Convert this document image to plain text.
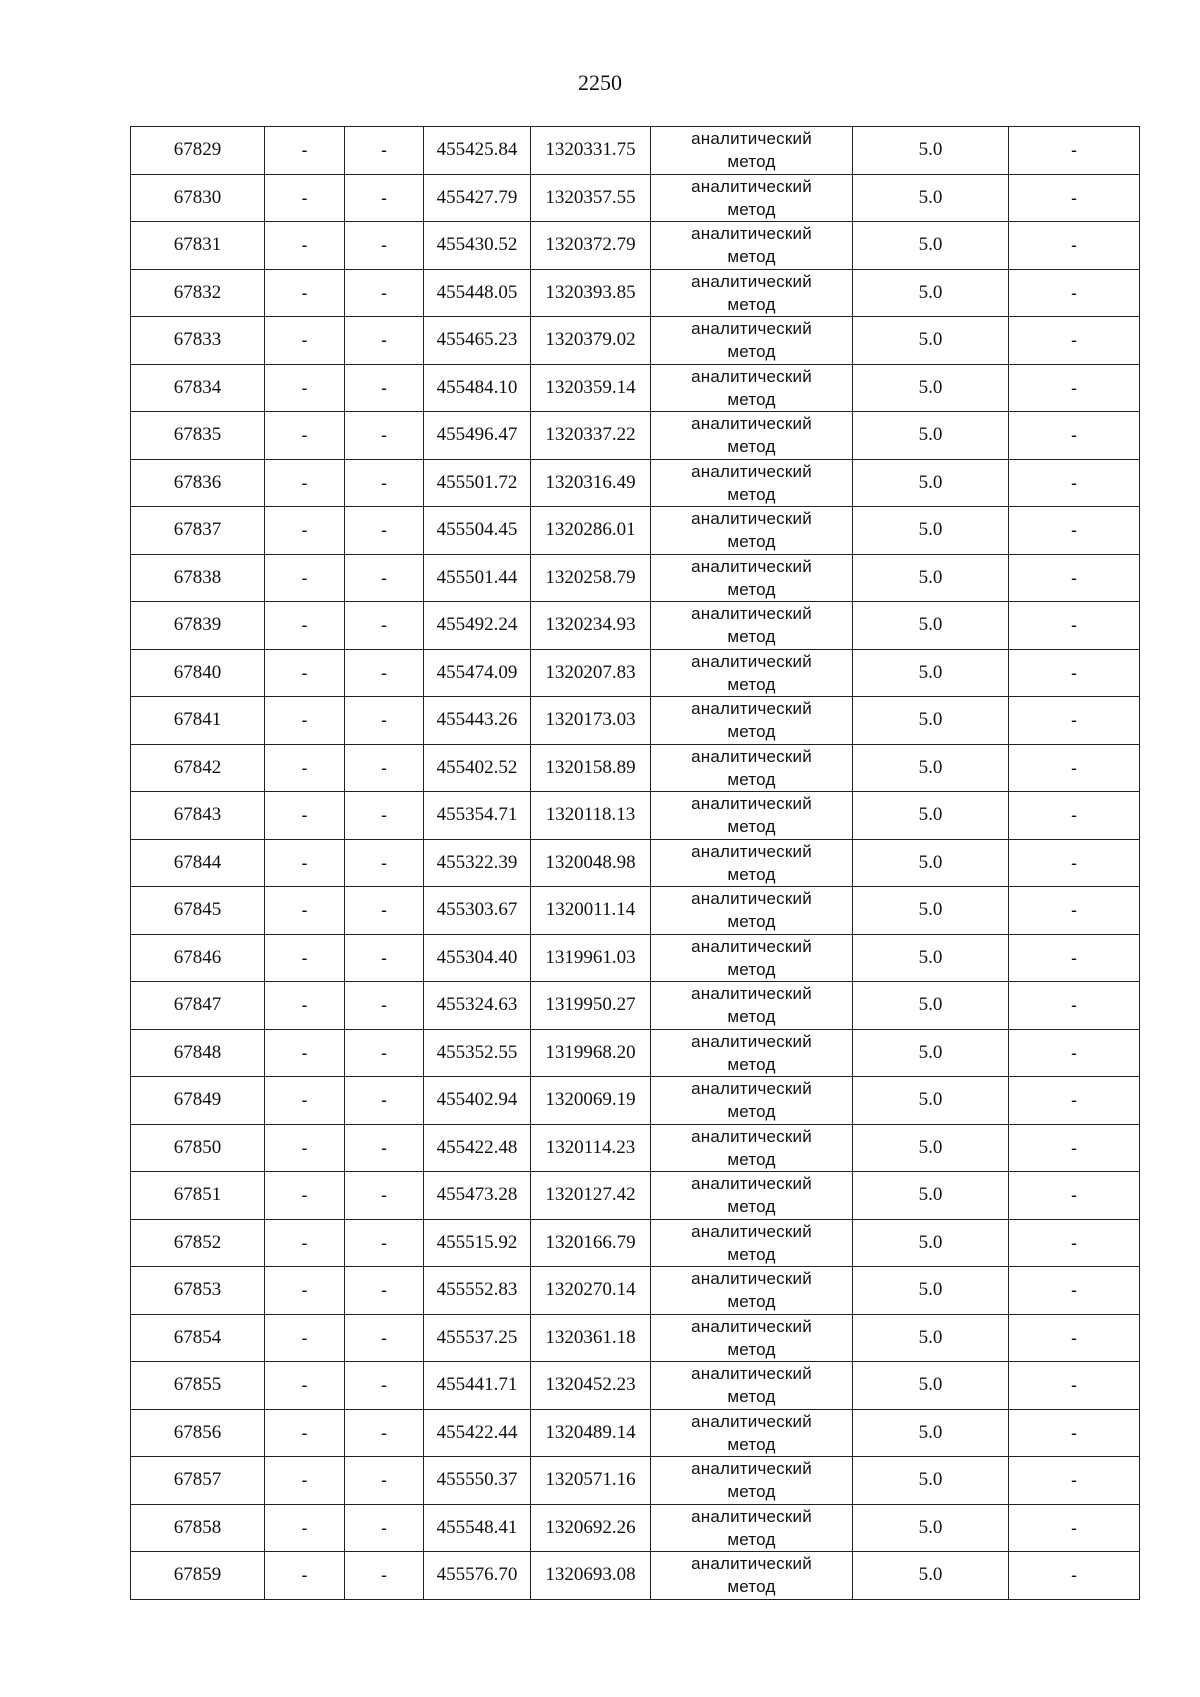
2250
67829	-	-	455425.84	1320331.75	аналитический
метод	5.0	-
67830	-	-	455427.79	1320357.55	аналитический
метод	5.0	-
67831	-	-	455430.52	1320372.79	аналитический
метод	5.0	-
67832	-	-	455448.05	1320393.85	аналитический
метод	5.0	-
67833	-	-	455465.23	1320379.02	аналитический
метод	5.0	-
67834	-	-	455484.10	1320359.14	аналитический
метод	5.0	-
67835	-	-	455496.47	1320337.22	аналитический
метод	5.0	-
67836	-	-	455501.72	1320316.49	аналитический
метод	5.0	-
67837	-	-	455504.45	1320286.01	аналитический
метод	5.0	-
67838	-	-	455501.44	1320258.79	аналитический
метод	5.0	-
67839	-	-	455492.24	1320234.93	аналитический
метод	5.0	-
67840	-	-	455474.09	1320207.83	аналитический
метод	5.0	-
67841	-	-	455443.26	1320173.03	аналитический
метод	5.0	-
67842	-	-	455402.52	1320158.89	аналитический
метод	5.0	-
67843	-	-	455354.71	1320118.13	аналитический
метод	5.0	-
67844	-	-	455322.39	1320048.98	аналитический
метод	5.0	-
67845	-	-	455303.67	1320011.14	аналитический
метод	5.0	-
67846	-	-	455304.40	1319961.03	аналитический
метод	5.0	-
67847	-	-	455324.63	1319950.27	аналитический
метод	5.0	-
67848	-	-	455352.55	1319968.20	аналитический
метод	5.0	-
67849	-	-	455402.94	1320069.19	аналитический
метод	5.0	-
67850	-	-	455422.48	1320114.23	аналитический
метод	5.0	-
67851	-	-	455473.28	1320127.42	аналитический
метод	5.0	-
67852	-	-	455515.92	1320166.79	аналитический
метод	5.0	-
67853	-	-	455552.83	1320270.14	аналитический
метод	5.0	-
67854	-	-	455537.25	1320361.18	аналитический
метод	5.0	-
67855	-	-	455441.71	1320452.23	аналитический
метод	5.0	-
67856	-	-	455422.44	1320489.14	аналитический
метод	5.0	-
67857	-	-	455550.37	1320571.16	аналитический
метод	5.0	-
67858	-	-	455548.41	1320692.26	аналитический
метод	5.0	-
67859	-	-	455576.70	1320693.08	аналитический
метод	5.0	-
